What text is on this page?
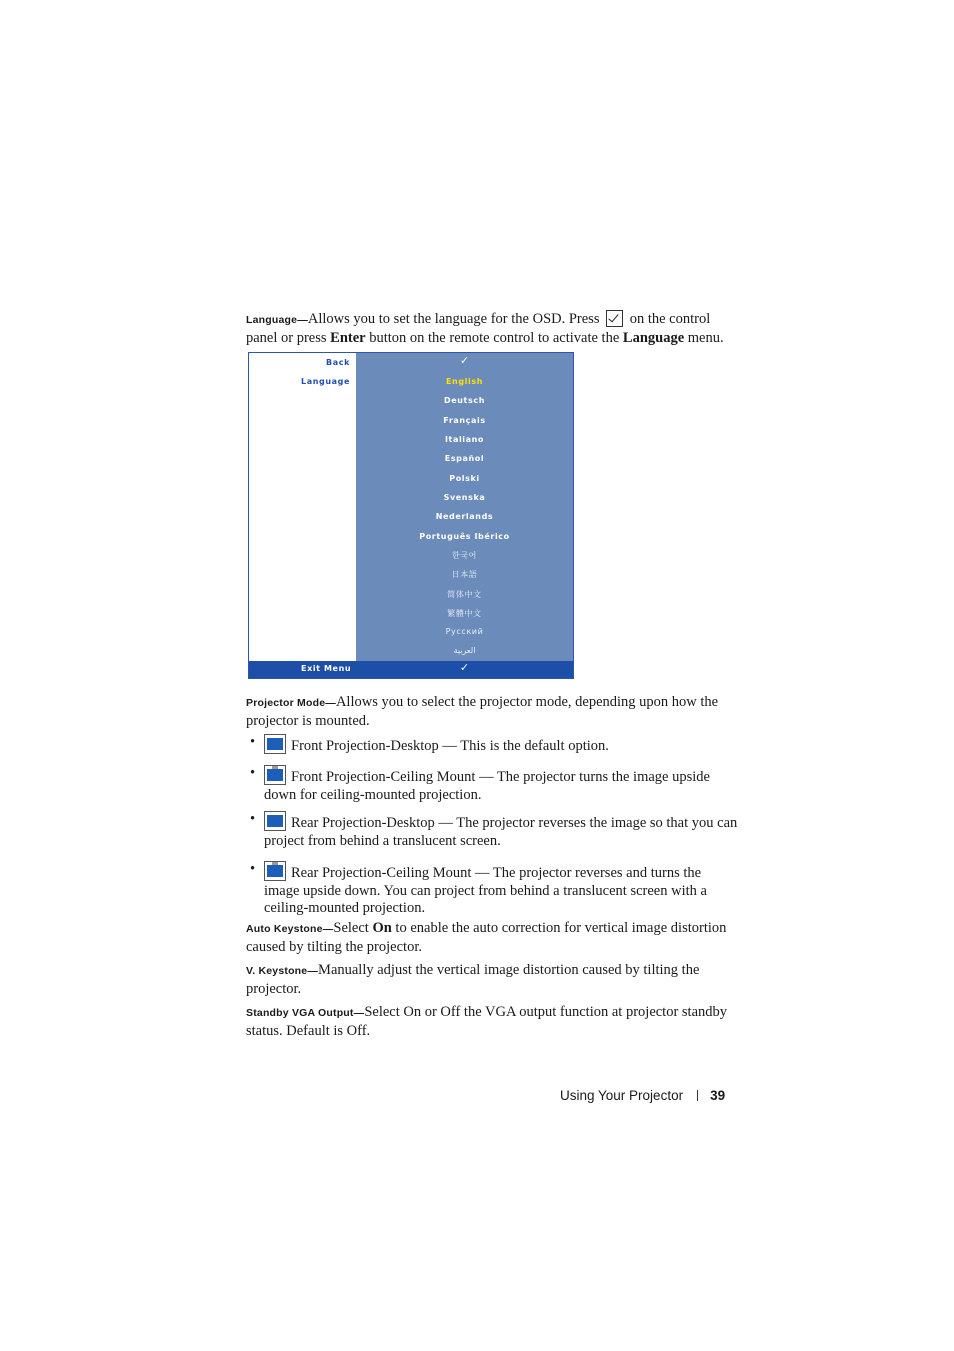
Language—Allows you to set the language for the OSD. Press  on the control panel or press Enter button on the remote control to activate the Language menu.

Back
Language
✓
English
Deutsch
Français
Italiano
Español
Polski
Svenska
Nederlands
Português Ibérico
한국어
日本語
简体中文
繁體中文
Русский
العربية
Exit Menu	✓

Projector Mode—Allows you to select the projector mode, depending upon how the projector is mounted.

•	Front Projection-Desktop — This is the default option.
•	Front Projection-Ceiling Mount — The projector turns the image upside down for ceiling-mounted projection.
•	Rear Projection-Desktop — The projector reverses the image so that you can project from behind a translucent screen.
•	Rear Projection-Ceiling Mount — The projector reverses and turns the image upside down. You can project from behind a translucent screen with a ceiling-mounted projection.

Auto Keystone—Select On to enable the auto correction for vertical image distortion caused by tilting the projector.

V. Keystone—Manually adjust the vertical image distortion caused by tilting the projector.

Standby VGA Output—Select On or Off the VGA output function at projector standby status. Default is Off.

Using Your Projector 39
